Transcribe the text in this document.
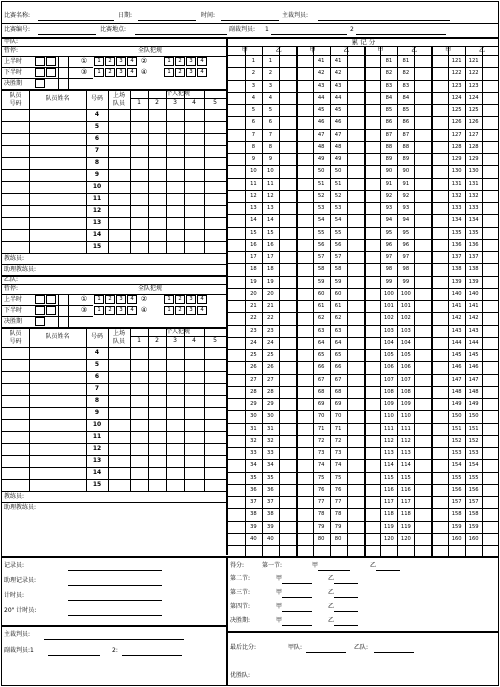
比赛名称:	日期:	时间:	主裁判员:
比赛编号:	比赛地点:	副裁判员: 1	2
甲队:
暂停:	全队犯规
上半时
下半时
决胜期
①	1	2	3	4	②	1	2	3	4
③	1	2	3	4	④	1	2	3	4
队员
号码
队员姓名	号码	上场
队员
个人犯规
1	2	3	4	5
4
5
6
7
8
9
10
11
12
13
14
15
教练员:
助理教练员:
乙队:
暂停:	全队犯规
上半时
下半时
决胜期
①	1	2	3	4	②	1	2	3	4
③	1	2	3	4	④	1	2	3	4
队员
号码
队员姓名	号码	上场
队员
个人犯规
1	2	3	4	5
4
5
6
7
8
9
10
11
12
13
14
15
教练员:
助理教练员:
累 记 分
甲	乙
1	1
2	2
3	3
4	4
5	5
6	6
7	7
8	8
9	9
10	10
11	11
12	12
13	13
14	14
15	15
16	16
17	17
18	18
19	19
20	20
21	21
22	22
23	23
24	24
25	25
26	26
27	27
28	28
29	29
30	30
31	31
32	32
33	33
34	34
35	35
36	36
37	37
38	38
39	39
40	40
甲	乙
41	41
42	42
43	43
44	44
45	45
46	46
47	47
48	48
49	49
50	50
51	51
52	52
53	53
54	54
55	55
56	56
57	57
58	58
59	59
60	60
61	61
62	62
63	63
64	64
65	65
66	66
67	67
68	68
69	69
70	70
71	71
72	72
73	73
74	74
75	75
76	76
77	77
78	78
79	79
80	80
甲	乙
81	81
82	82
83	83
84	84
85	85
86	86
87	87
88	88
89	89
90	90
91	91
92	92
93	93
94	94
95	95
96	96
97	97
98	98
99	99
100	100
101	101
102	102
103	103
104	104
105	105
106	106
107	107
108	108
109	109
110	110
111	111
112	112
113	113
114	114
115	115
116	116
117	117
118	118
119	119
120	120
甲	乙
121	121
122	122
123	123
124	124
125	125
126	126
127	127
128	128
129	129
130	130
131	131
132	132
133	133
134	134
135	135
136	136
137	137
138	138
139	139
140	140
141	141
142	142
143	143
144	144
145	145
146	146
147	147
148	148
149	149
150	150
151	151
152	152
153	153
154	154
155	155
156	156
157	157
158	158
159	159
160	160
记录员:
助理记录员:
计时员:
20" 计时员:
主裁判员:
副裁判员:1	2:
得分:	第一节:	甲	乙
第二节:	甲	乙
第三节:	甲	乙
第四节:	甲	乙
决胜期:	甲	乙
最后比分:	甲队:	乙队:
优胜队:
